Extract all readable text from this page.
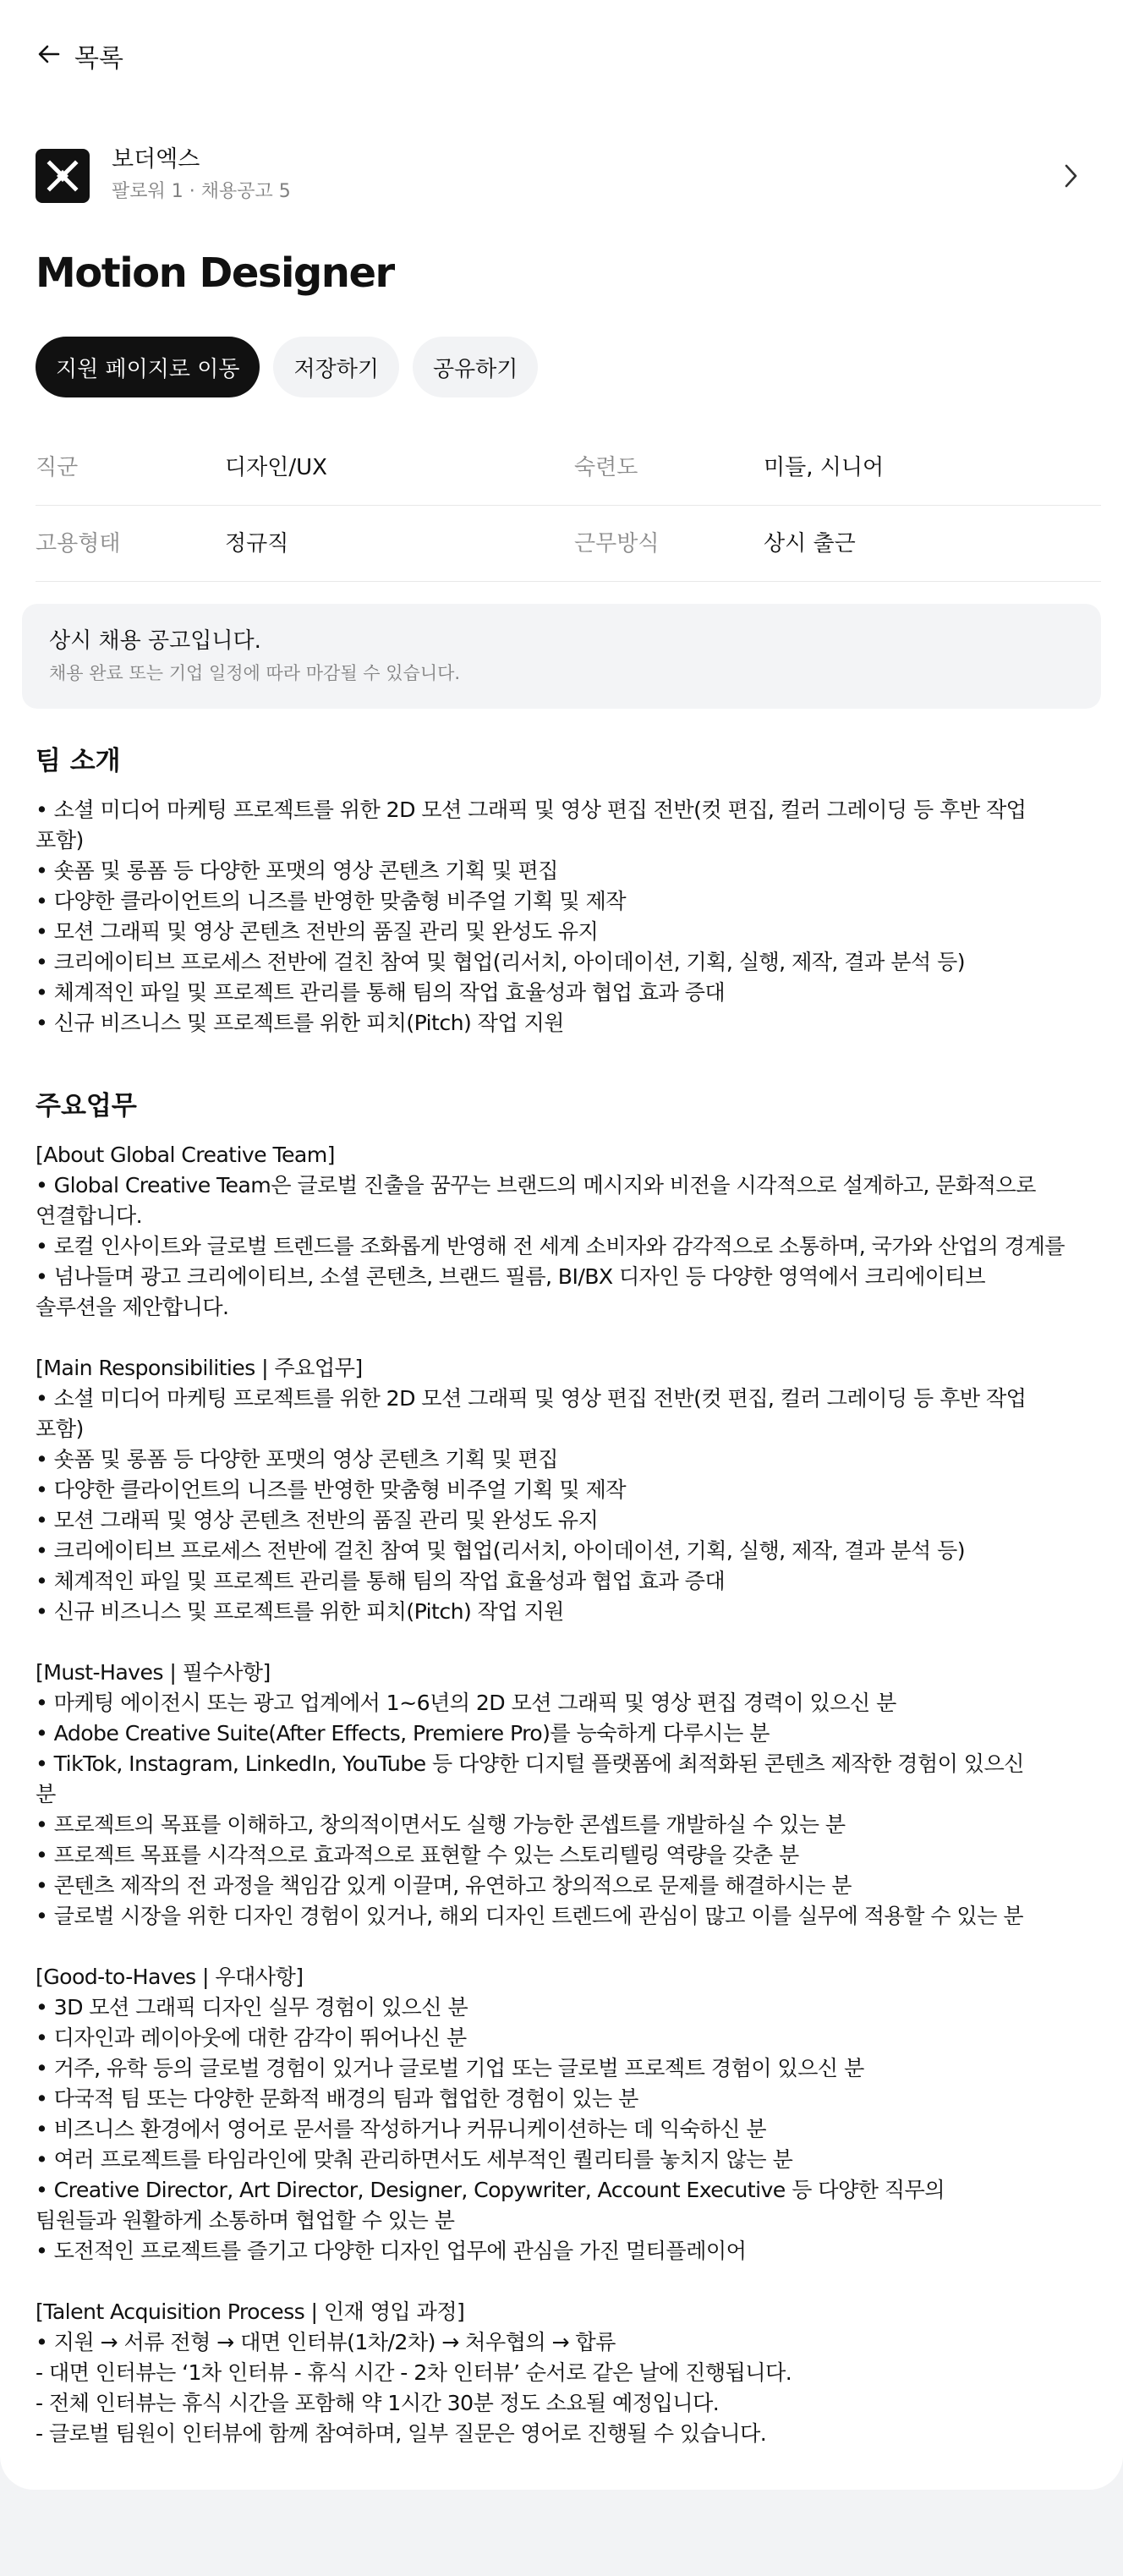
목록
보더엑스
팔로워 1 · 채용공고 5
Motion Designer
지원 페이지로 이동	저장하기	공유하기
직군	디자인/UX	숙련도	미들, 시니어
고용형태	정규직	근무방식	상시 출근
상시 채용 공고입니다.
채용 완료 또는 기업 일정에 따라 마감될 수 있습니다.
팀 소개
• 소셜 미디어 마케팅 프로젝트를 위한 2D 모션 그래픽 및 영상 편집 전반(컷 편집, 컬러 그레이딩 등 후반 작업
포함)
• 숏폼 및 롱폼 등 다양한 포맷의 영상 콘텐츠 기획 및 편집
• 다양한 클라이언트의 니즈를 반영한 맞춤형 비주얼 기획 및 제작
• 모션 그래픽 및 영상 콘텐츠 전반의 품질 관리 및 완성도 유지
• 크리에이티브 프로세스 전반에 걸친 참여 및 협업(리서치, 아이데이션, 기획, 실행, 제작, 결과 분석 등)
• 체계적인 파일 및 프로젝트 관리를 통해 팀의 작업 효율성과 협업 효과 증대
• 신규 비즈니스 및 프로젝트를 위한 피치(Pitch) 작업 지원
주요업무
[About Global Creative Team]
• Global Creative Team은 글로벌 진출을 꿈꾸는 브랜드의 메시지와 비전을 시각적으로 설계하고, 문화적으로
연결합니다.
• 로컬 인사이트와 글로벌 트렌드를 조화롭게 반영해 전 세계 소비자와 감각적으로 소통하며, 국가와 산업의 경계를
• 넘나들며 광고 크리에이티브, 소셜 콘텐츠, 브랜드 필름, BI/BX 디자인 등 다양한 영역에서 크리에이티브
솔루션을 제안합니다.
[Main Responsibilities | 주요업무]
• 소셜 미디어 마케팅 프로젝트를 위한 2D 모션 그래픽 및 영상 편집 전반(컷 편집, 컬러 그레이딩 등 후반 작업
포함)
• 숏폼 및 롱폼 등 다양한 포맷의 영상 콘텐츠 기획 및 편집
• 다양한 클라이언트의 니즈를 반영한 맞춤형 비주얼 기획 및 제작
• 모션 그래픽 및 영상 콘텐츠 전반의 품질 관리 및 완성도 유지
• 크리에이티브 프로세스 전반에 걸친 참여 및 협업(리서치, 아이데이션, 기획, 실행, 제작, 결과 분석 등)
• 체계적인 파일 및 프로젝트 관리를 통해 팀의 작업 효율성과 협업 효과 증대
• 신규 비즈니스 및 프로젝트를 위한 피치(Pitch) 작업 지원
[Must-Haves | 필수사항]
• 마케팅 에이전시 또는 광고 업계에서 1~6년의 2D 모션 그래픽 및 영상 편집 경력이 있으신 분
• Adobe Creative Suite(After Effects, Premiere Pro)를 능숙하게 다루시는 분
• TikTok, Instagram, LinkedIn, YouTube 등 다양한 디지털 플랫폼에 최적화된 콘텐츠 제작한 경험이 있으신
분
• 프로젝트의 목표를 이해하고, 창의적이면서도 실행 가능한 콘셉트를 개발하실 수 있는 분
• 프로젝트 목표를 시각적으로 효과적으로 표현할 수 있는 스토리텔링 역량을 갖춘 분
• 콘텐츠 제작의 전 과정을 책임감 있게 이끌며, 유연하고 창의적으로 문제를 해결하시는 분
• 글로벌 시장을 위한 디자인 경험이 있거나, 해외 디자인 트렌드에 관심이 많고 이를 실무에 적용할 수 있는 분
[Good-to-Haves | 우대사항]
• 3D 모션 그래픽 디자인 실무 경험이 있으신 분
• 디자인과 레이아웃에 대한 감각이 뛰어나신 분
• 거주, 유학 등의 글로벌 경험이 있거나 글로벌 기업 또는 글로벌 프로젝트 경험이 있으신 분
• 다국적 팀 또는 다양한 문화적 배경의 팀과 협업한 경험이 있는 분
• 비즈니스 환경에서 영어로 문서를 작성하거나 커뮤니케이션하는 데 익숙하신 분
• 여러 프로젝트를 타임라인에 맞춰 관리하면서도 세부적인 퀄리티를 놓치지 않는 분
• Creative Director, Art Director, Designer, Copywriter, Account Executive 등 다양한 직무의
팀원들과 원활하게 소통하며 협업할 수 있는 분
• 도전적인 프로젝트를 즐기고 다양한 디자인 업무에 관심을 가진 멀티플레이어
[Talent Acquisition Process | 인재 영입 과정]
• 지원 → 서류 전형 → 대면 인터뷰(1차/2차) → 처우협의 → 합류
- 대면 인터뷰는 ‘1차 인터뷰 - 휴식 시간 - 2차 인터뷰’ 순서로 같은 날에 진행됩니다.
- 전체 인터뷰는 휴식 시간을 포함해 약 1시간 30분 정도 소요될 예정입니다.
- 글로벌 팀원이 인터뷰에 함께 참여하며, 일부 질문은 영어로 진행될 수 있습니다.
